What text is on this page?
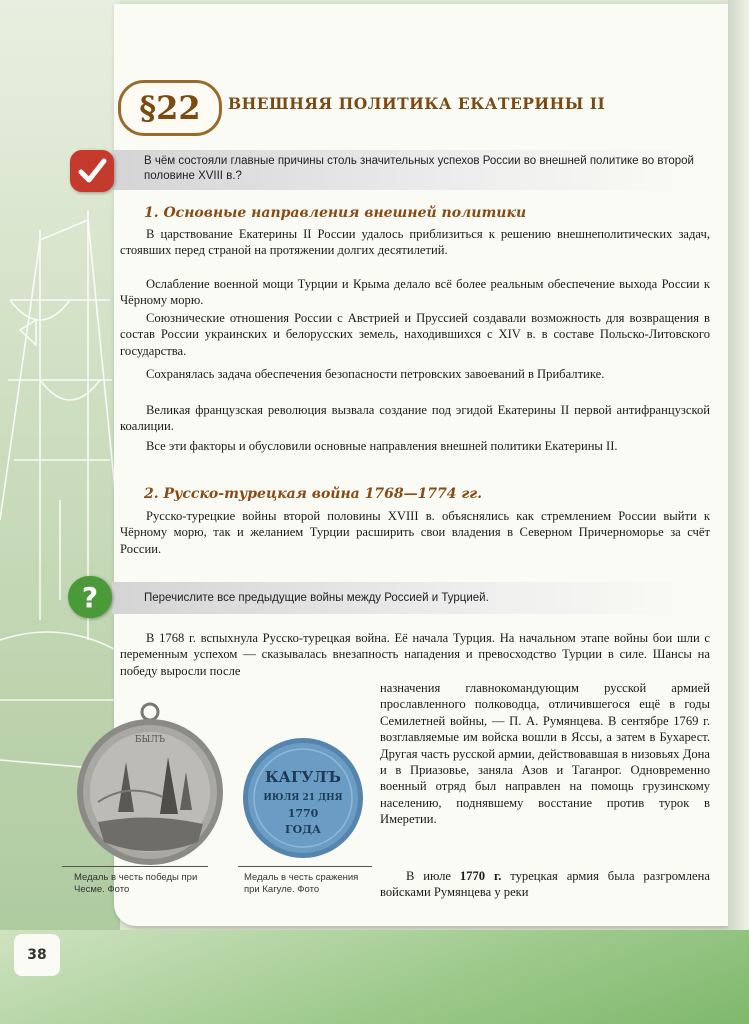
§22	ВНЕШНЯЯ ПОЛИТИКА ЕКАТЕРИНЫ II
В чём состояли главные причины столь значительных успехов России во внешней политике во второй половине XVIII в.?
1. Основные направления внешней политики
В царствование Екатерины II России удалось приблизиться к решению внешнеполитических задач, стоявших перед страной на протяжении долгих десятилетий.
Ослабление военной мощи Турции и Крыма делало всё более реальным обеспечение выхода России к Чёрному морю.
Союзнические отношения России с Австрией и Пруссией создавали возможность для возвращения в состав России украинских и белорусских земель, находившихся с XIV в. в составе Польско-Литовского государства.
Сохранялась задача обеспечения безопасности петровских завоеваний в Прибалтике.
Великая французская революция вызвала создание под эгидой Екатерины II первой антифранцузской коалиции.
Все эти факторы и обусловили основные направления внешней политики Екатерины II.
2. Русско-турецкая война 1768—1774 гг.
Русско-турецкие войны второй половины XVIII в. объяснялись как стремлением России выйти к Чёрному морю, так и желанием Турции расширить свои владения в Северном Причерноморье за счёт России.
?	Перечислите все предыдущие войны между Россией и Турцией.
В 1768 г. вспыхнула Русско-турецкая война. Её начала Турция. На начальном этапе войны бои шли с переменным успехом — сказывалась внезапность нападения и превосходство Турции в силе. Шансы на победу выросли после
назначения главнокомандующим русской армией прославленного полководца, отличившегося ещё в годы Семилетней войны, — П. А. Румянцева. В сентябре 1769 г. возглавляемые им войска вошли в Яссы, а затем в Бухарест. Другая часть русской армии, действовавшая в низовьях Дона и в Приазовье, заняла Азов и Таганрог. Одновременно военный отряд был направлен на помощь грузинскому населению, поднявшему восстание против турок в Имеретии.
В июле 1770 г. турецкая армия была разгромлена войсками Румянцева у реки
БЫЛЪ
КАГУЛЪ
ИЮЛЯ 21 ДНЯ
1770
ГОДА
Медаль в честь победы при Чесме. Фото
Медаль в честь сражения при Кагуле. Фото
38
